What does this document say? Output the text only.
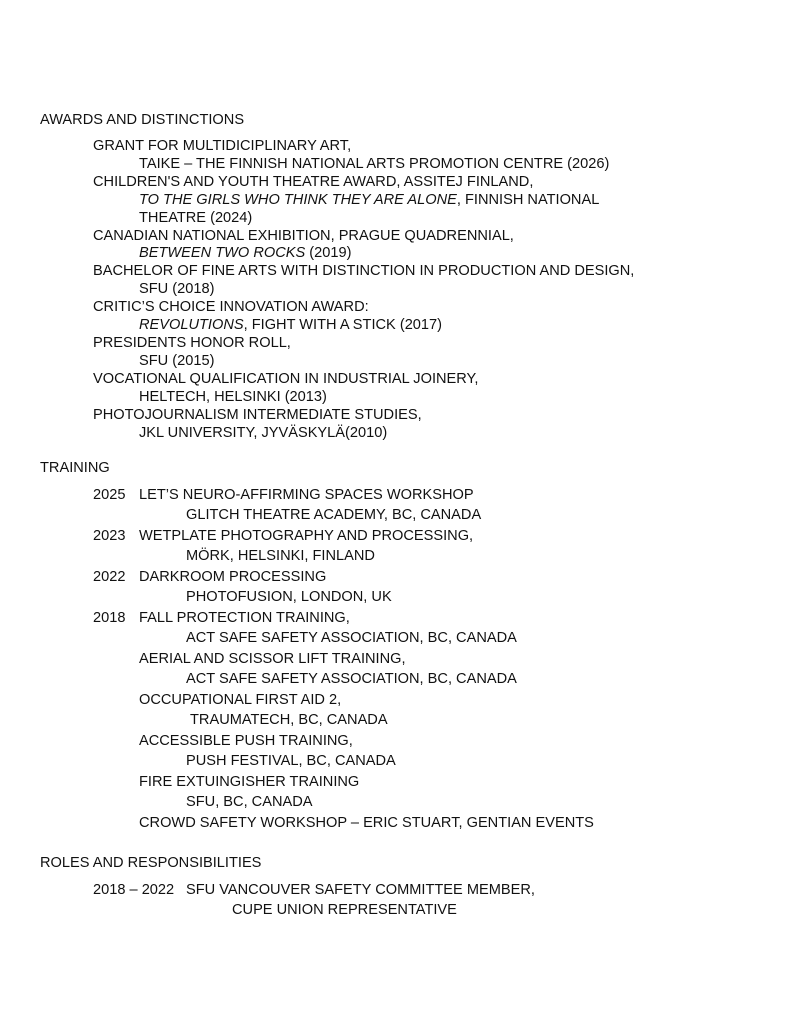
AWARDS AND DISTINCTIONS
GRANT FOR MULTIDICIPLINARY ART,
TAIKE – THE FINNISH NATIONAL ARTS PROMOTION CENTRE (2026)
CHILDREN'S AND YOUTH THEATRE AWARD, ASSITEJ FINLAND,
TO THE GIRLS WHO THINK THEY ARE ALONE, FINNISH NATIONAL
THEATRE (2024)
CANADIAN NATIONAL EXHIBITION, PRAGUE QUADRENNIAL,
BETWEEN TWO ROCKS (2019)
BACHELOR OF FINE ARTS WITH DISTINCTION IN PRODUCTION AND DESIGN,
SFU (2018)
CRITIC’S CHOICE INNOVATION AWARD:
REVOLUTIONS, FIGHT WITH A STICK (2017)
PRESIDENTS HONOR ROLL,
SFU (2015)
VOCATIONAL QUALIFICATION IN INDUSTRIAL JOINERY,
HELTECH, HELSINKI (2013)
PHOTOJOURNALISM INTERMEDIATE STUDIES,
JKL UNIVERSITY, JYVÄSKYLÄ(2010)
TRAINING
2025 LET’S NEURO-AFFIRMING SPACES WORKSHOP
GLITCH THEATRE ACADEMY, BC, CANADA
2023 WETPLATE PHOTOGRAPHY AND PROCESSING,
MÖRK, HELSINKI, FINLAND
2022 DARKROOM PROCESSING
PHOTOFUSION, LONDON, UK
2018 FALL PROTECTION TRAINING,
ACT SAFE SAFETY ASSOCIATION, BC, CANADA
AERIAL AND SCISSOR LIFT TRAINING,
ACT SAFE SAFETY ASSOCIATION, BC, CANADA
OCCUPATIONAL FIRST AID 2,
TRAUMATECH, BC, CANADA
ACCESSIBLE PUSH TRAINING,
PUSH FESTIVAL, BC, CANADA
FIRE EXTUINGISHER TRAINING
SFU, BC, CANADA
CROWD SAFETY WORKSHOP – ERIC STUART, GENTIAN EVENTS
ROLES AND RESPONSIBILITIES
2018 – 2022 SFU VANCOUVER SAFETY COMMITTEE MEMBER,
CUPE UNION REPRESENTATIVE
